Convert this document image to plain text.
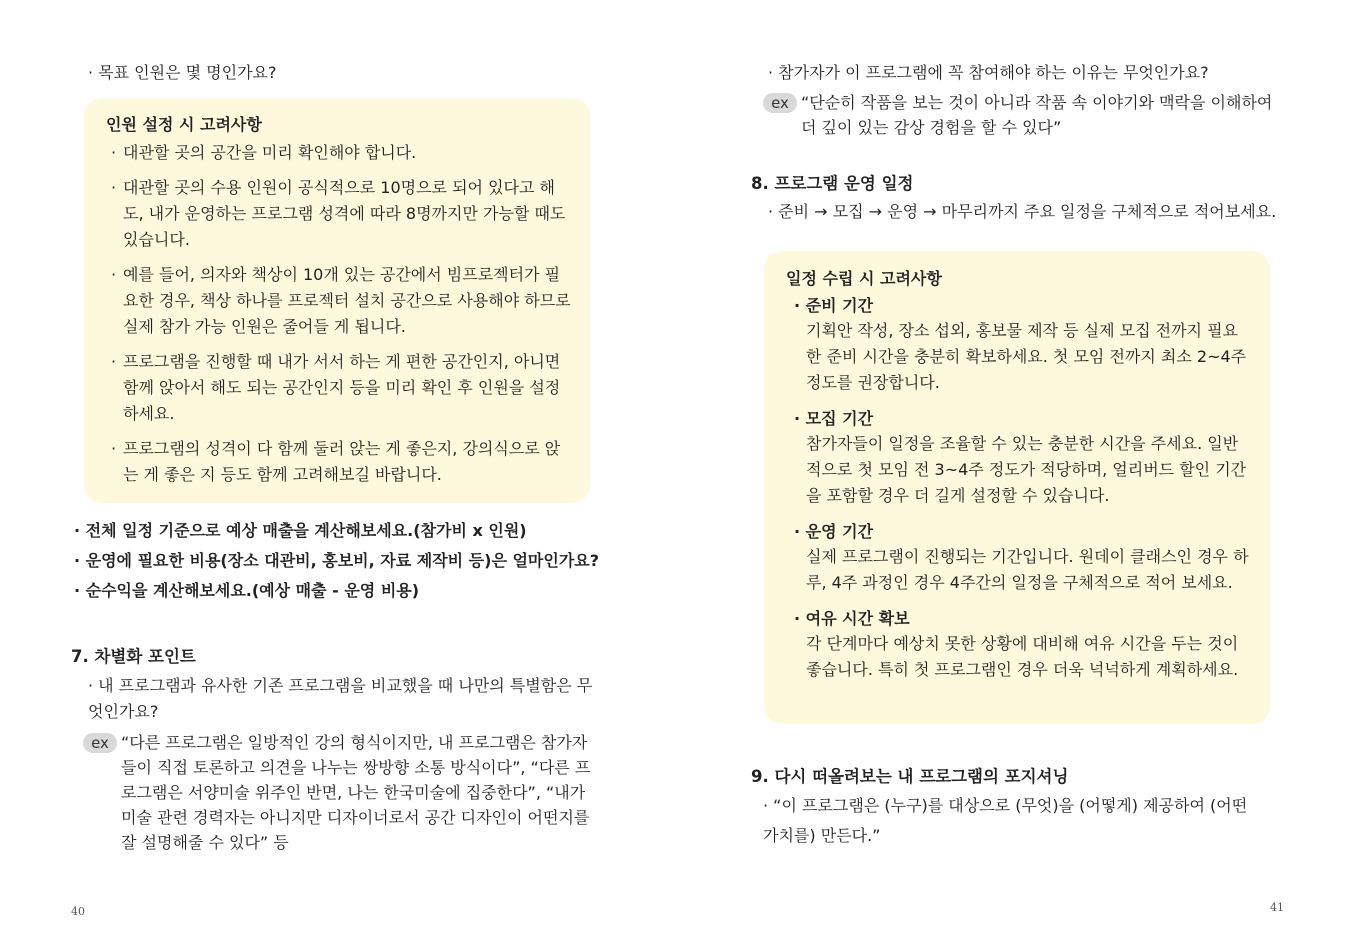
· 목표 인원은 몇 명인가요?
인원 설정 시 고려사항
· 대관할 곳의 공간을 미리 확인해야 합니다.
· 대관할 곳의 수용 인원이 공식적으로 10명으로 되어 있다고 해도, 내가 운영하는 프로그램 성격에 따라 8명까지만 가능할 때도 있습니다.
· 예를 들어, 의자와 책상이 10개 있는 공간에서 빔프로젝터가 필요한 경우, 책상 하나를 프로젝터 설치 공간으로 사용해야 하므로 실제 참가 가능 인원은 줄어들 게 됩니다.
· 프로그램을 진행할 때 내가 서서 하는 게 편한 공간인지, 아니면 함께 앉아서 해도 되는 공간인지 등을 미리 확인 후 인원을 설정하세요.
· 프로그램의 성격이 다 함께 둘러 앉는 게 좋은지, 강의식으로 앉는 게 좋은 지 등도 함께 고려해보길 바랍니다.
· 전체 일정 기준으로 예상 매출을 계산해보세요.(참가비 x 인원)
· 운영에 필요한 비용(장소 대관비, 홍보비, 자료 제작비 등)은 얼마인가요?
· 순수익을 계산해보세요.(예상 매출 - 운영 비용)
7. 차별화 포인트
· 내 프로그램과 유사한 기존 프로그램을 비교했을 때 나만의 특별함은 무엇인가요?
ex “다른 프로그램은 일방적인 강의 형식이지만, 내 프로그램은 참가자들이 직접 토론하고 의견을 나누는 쌍방향 소통 방식이다”, “다른 프로그램은 서양미술 위주인 반면, 나는 한국미술에 집중한다”, “내가 미술 관련 경력자는 아니지만 디자이너로서 공간 디자인이 어떤지를 잘 설명해줄 수 있다” 등
40
· 참가자가 이 프로그램에 꼭 참여해야 하는 이유는 무엇인가요?
ex “단순히 작품을 보는 것이 아니라 작품 속 이야기와 맥락을 이해하여 더 깊이 있는 감상 경험을 할 수 있다”
8. 프로그램 운영 일정
· 준비 → 모집 → 운영 → 마무리까지 주요 일정을 구체적으로 적어보세요.
일정 수립 시 고려사항
· 준비 기간
기획안 작성, 장소 섭외, 홍보물 제작 등 실제 모집 전까지 필요한 준비 시간을 충분히 확보하세요. 첫 모임 전까지 최소 2~4주 정도를 권장합니다.
· 모집 기간
참가자들이 일정을 조율할 수 있는 충분한 시간을 주세요. 일반적으로 첫 모임 전 3~4주 정도가 적당하며, 얼리버드 할인 기간을 포함할 경우 더 길게 설정할 수 있습니다.
· 운영 기간
실제 프로그램이 진행되는 기간입니다. 원데이 클래스인 경우 하루, 4주 과정인 경우 4주간의 일정을 구체적으로 적어 보세요.
· 여유 시간 확보
각 단계마다 예상치 못한 상황에 대비해 여유 시간을 두는 것이 좋습니다. 특히 첫 프로그램인 경우 더욱 넉넉하게 계획하세요.
9. 다시 떠올려보는 내 프로그램의 포지셔닝
· “이 프로그램은 (누구)를 대상으로 (무엇)을 (어떻게) 제공하여 (어떤 가치를) 만든다.”
41
